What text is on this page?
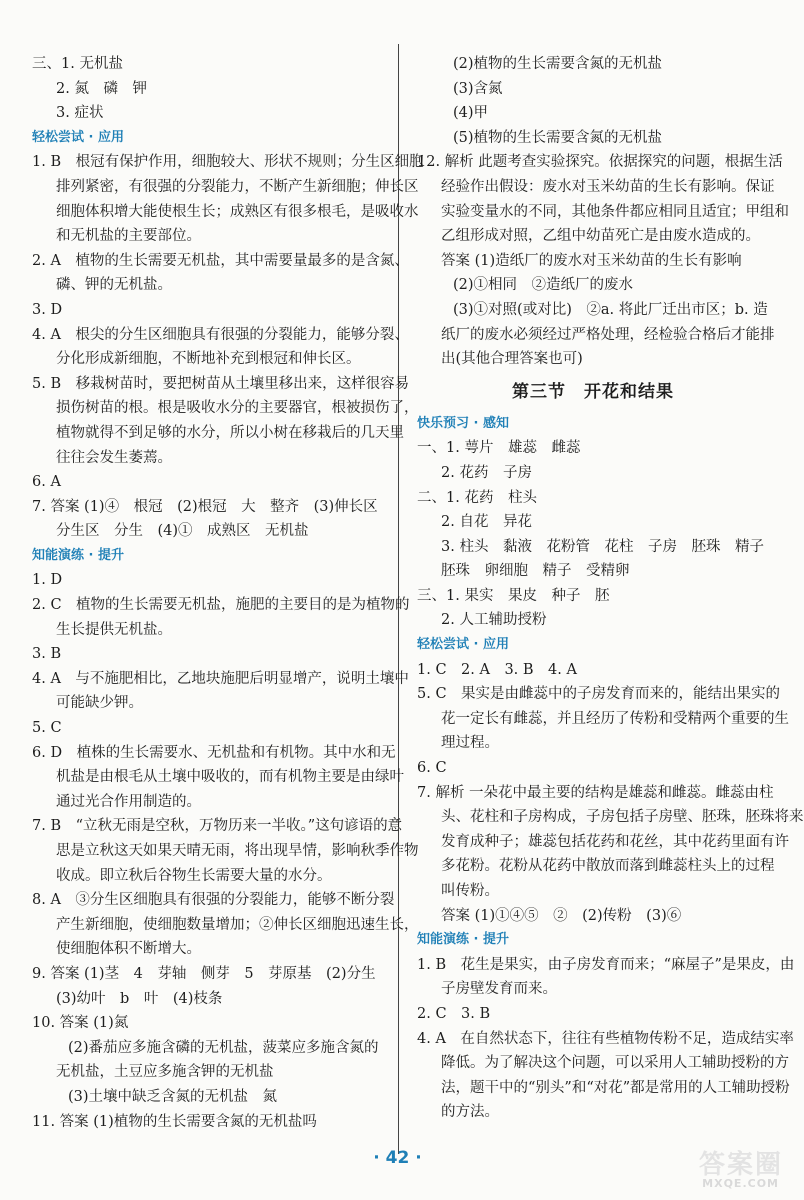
三、1. 无机盐
2. 氮　磷　钾
3. 症状
轻松尝试 · 应用
1. B　根冠有保护作用，细胞较大、形状不规则；分生区细胞
排列紧密，有很强的分裂能力，不断产生新细胞；伸长区
细胞体积增大能使根生长；成熟区有很多根毛，是吸收水
和无机盐的主要部位。
2. A　植物的生长需要无机盐，其中需要量最多的是含氮、
磷、钾的无机盐。
3. D
4. A　根尖的分生区细胞具有很强的分裂能力，能够分裂、
分化形成新细胞，不断地补充到根冠和伸长区。
5. B　移栽树苗时，要把树苗从土壤里移出来，这样很容易
损伤树苗的根。根是吸收水分的主要器官，根被损伤了，
植物就得不到足够的水分，所以小树在移栽后的几天里
往往会发生萎蔫。
6. A
7. 答案 (1)④　根冠　(2)根冠　大　整齐　(3)伸长区
分生区　分生　(4)①　成熟区　无机盐
知能演练 · 提升
1. D
2. C　植物的生长需要无机盐，施肥的主要目的是为植物的
生长提供无机盐。
3. B
4. A　与不施肥相比，乙地块施肥后明显增产，说明土壤中
可能缺少钾。
5. C
6. D　植株的生长需要水、无机盐和有机物。其中水和无
机盐是由根毛从土壤中吸收的，而有机物主要是由绿叶
通过光合作用制造的。
7. B　“立秋无雨是空秋，万物历来一半收。”这句谚语的意
思是立秋这天如果天晴无雨，将出现旱情，影响秋季作物
收成。即立秋后谷物生长需要大量的水分。
8. A　③分生区细胞具有很强的分裂能力，能够不断分裂
产生新细胞，使细胞数量增加；②伸长区细胞迅速生长，
使细胞体积不断增大。
9. 答案 (1)茎　4　芽轴　侧芽　5　芽原基　(2)分生
(3)幼叶　b　叶　(4)枝条
10. 答案 (1)氮
(2)番茄应多施含磷的无机盐，菠菜应多施含氮的
无机盐，土豆应多施含钾的无机盐
(3)土壤中缺乏含氮的无机盐　氮
11. 答案 (1)植物的生长需要含氮的无机盐吗
(2)植物的生长需要含氮的无机盐
(3)含氮
(4)甲
(5)植物的生长需要含氮的无机盐
12. 解析 此题考查实验探究。依据探究的问题，根据生活
经验作出假设：废水对玉米幼苗的生长有影响。保证
实验变量水的不同，其他条件都应相同且适宜；甲组和
乙组形成对照，乙组中幼苗死亡是由废水造成的。
答案 (1)造纸厂的废水对玉米幼苗的生长有影响
(2)①相同　②造纸厂的废水
(3)①对照(或对比)　②a. 将此厂迁出市区；b. 造
纸厂的废水必须经过严格处理，经检验合格后才能排
出(其他合理答案也可)
第三节　开花和结果
快乐预习 · 感知
一、1. 萼片　雄蕊　雌蕊
2. 花药　子房
二、1. 花药　柱头
2. 自花　异花
3. 柱头　黏液　花粉管　花柱　子房　胚珠　精子
胚珠　卵细胞　精子　受精卵
三、1. 果实　果皮　种子　胚
2. 人工辅助授粉
轻松尝试 · 应用
1. C　2. A　3. B　4. A
5. C　果实是由雌蕊中的子房发育而来的，能结出果实的
花一定长有雌蕊，并且经历了传粉和受精两个重要的生
理过程。
6. C
7. 解析 一朵花中最主要的结构是雄蕊和雌蕊。雌蕊由柱
头、花柱和子房构成，子房包括子房壁、胚珠，胚珠将来
发育成种子；雄蕊包括花药和花丝，其中花药里面有许
多花粉。花粉从花药中散放而落到雌蕊柱头上的过程
叫传粉。
答案 (1)①④⑤　②　(2)传粉　(3)⑥
知能演练 · 提升
1. B　花生是果实，由子房发育而来；“麻屋子”是果皮，由
子房壁发育而来。
2. C　3. B
4. A　在自然状态下，往往有些植物传粉不足，造成结实率
降低。为了解决这个问题，可以采用人工辅助授粉的方
法，题干中的“别头”和“对花”都是常用的人工辅助授粉
的方法。
· 42 ·	答案圈
MXQE.COM
